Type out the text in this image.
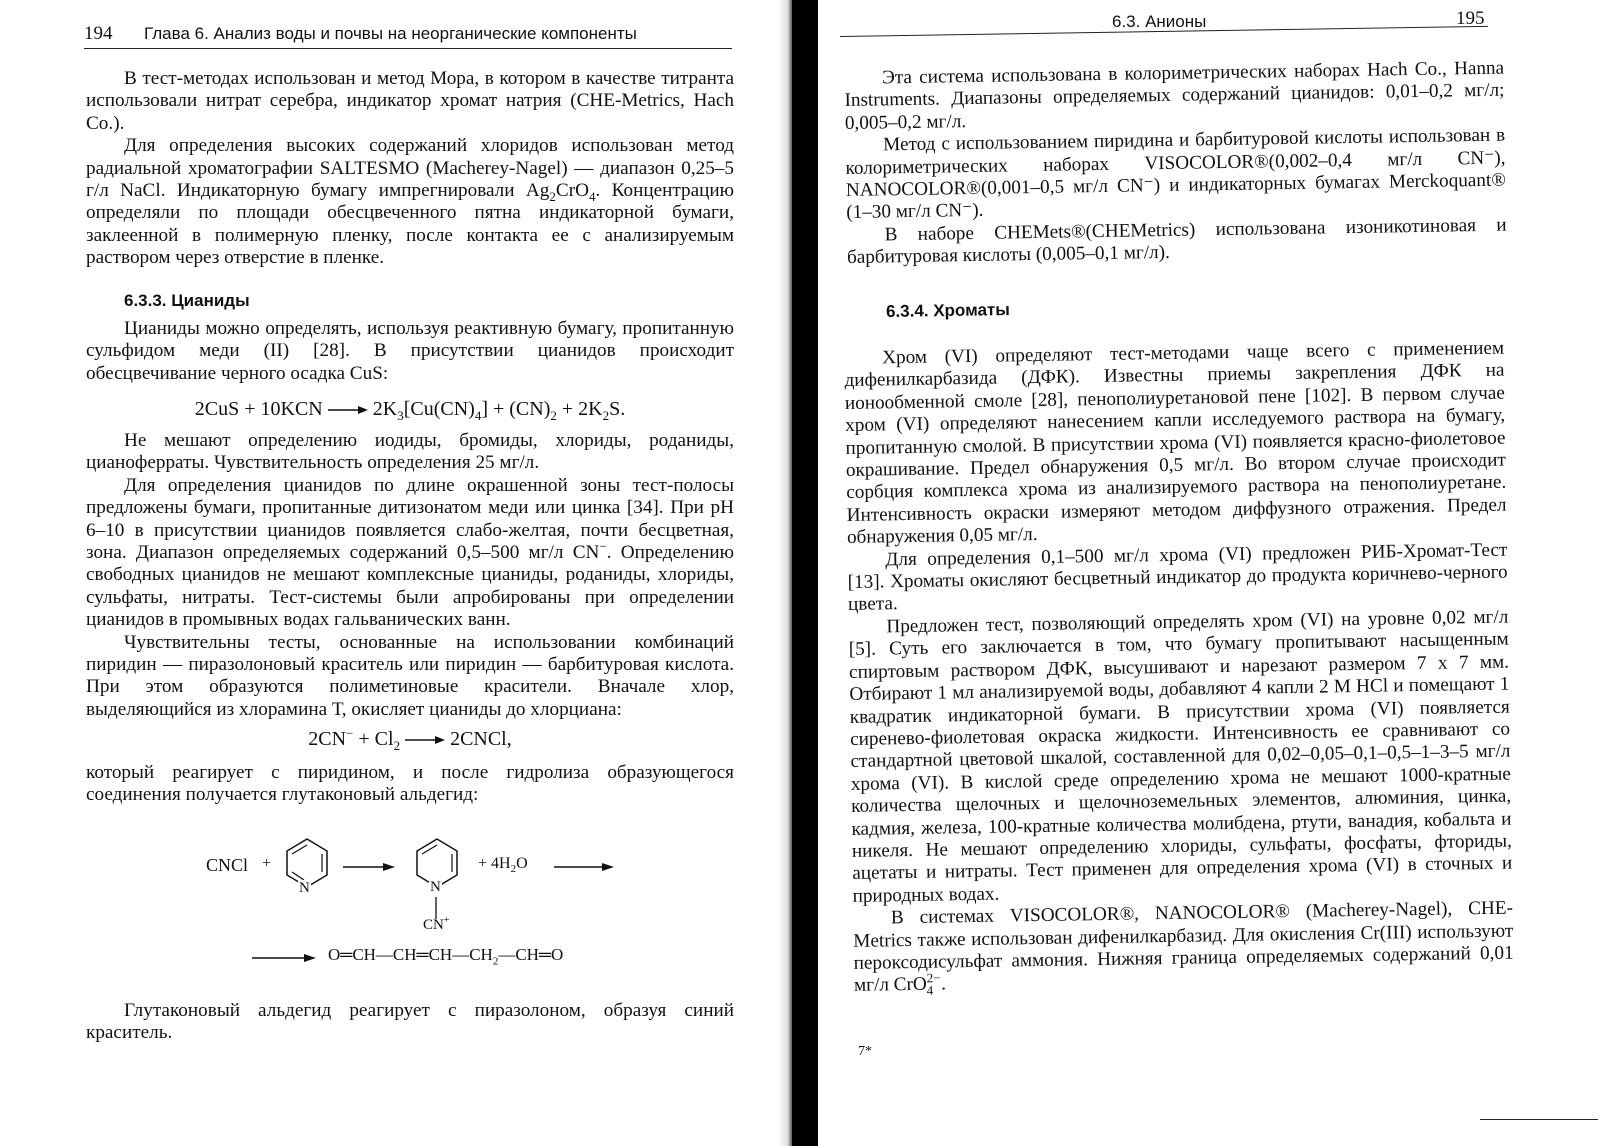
194 Глава 6. Анализ воды и почвы на неорганические компоненты

В тест-методах использован и метод Мора, в котором в качестве титранта использовали нитрат серебра, индикатор хромат натрия (CHE-Metrics, Hach Co.).

Для определения высоких содержаний хлоридов использован метод радиальной хроматографии SALTESMO (Macherey-Nagel) — диапазон 0,25–5 г/л NaCl. Индикаторную бумагу импрегнировали $Ag_2CrO_4$. Концентрацию определяли по площади обесцвеченного пятна индикаторной бумаги, заклеенной в полимерную пленку, после контакта ее с анализируемым раствором через отверстие в пленке.

6.3.3. Цианиды

Цианиды можно определять, используя реактивную бумагу, пропитанную сульфидом меди (II) [28]. В присутствии цианидов происходит обесцвечивание черного осадка CuS:

$2CuS + 10KCN \to 2K_3[Cu(CN)_4] + (CN)_2 + 2K_2S$.

Не мешают определению иодиды, бромиды, хлориды, роданиды, цианоферраты. Чувствительность определения 25 мг/л.

Для определения цианидов по длине окрашенной зоны тест-полосы предложены бумаги, пропитанные дитизонатом меди или цинка [34]. При pH 6–10 в присутствии цианидов появляется слабо-желтая, почти бесцветная, зона. Диапазон определяемых содержаний 0,5–500 мг/л CN−. Определению свободных цианидов не мешают комплексные цианиды, роданиды, хлориды, сульфаты, нитраты. Тест-системы были апробированы при определении цианидов в промывных водах гальванических ванн.

Чувствительны тесты, основанные на использовании комбинаций пиридин — пиразолоновый краситель или пиридин — барбитуровая кислота. При этом образуются полиметиновые красители. Вначале хлор, выделяющийся из хлорамина Т, окисляет цианиды до хлорциана:

$2CN^- + Cl_2$ → 2CNCl,

который реагирует с пиридином, и после гидролиза образующегося соединения получается глутаконовый альдегид:

CNCl +
N	N
CN+
+ $4H_2O$
$O═CH—CH═CH—CH_2—CH═O$

Глутаконовый альдегид реагирует с пиразолоном, образуя синий краситель.

6.3. Анионы	195

Эта система использована в колориметрических наборах Hach Co., Hanna Instruments. Диапазоны определяемых содержаний цианидов: 0,01–0,2 мг/л; 0,005–0,2 мг/л.

Метод с использованием пиридина и барбитуровой кислоты использован в колориметрических наборах VISOCOLOR®(0,002–0,4 мг/л CN⁻), NANOCOLOR®(0,001–0,5 мг/л CN⁻) и индикаторных бумагах Merckoquant® (1–30 мг/л CN⁻).

В наборе CHEMets®(CHEMetrics) использована изоникотиновая и барбитуровая кислоты (0,005–0,1 мг/л).

6.3.4. Хроматы

Хром (VI) определяют тест-методами чаще всего с применением дифенилкарбазида (ДФК). Известны приемы закрепления ДФК на ионообменной смоле [28], пенополиуретановой пене [102]. В первом случае хром (VI) определяют нанесением капли исследуемого раствора на бумагу, пропитанную смолой. В присутствии хрома (VI) появляется красно-фиолетовое окрашивание. Предел обнаружения 0,5 мг/л. Во втором случае происходит сорбция комплекса хрома из анализируемого раствора на пенополиуретане. Интенсивность окраски измеряют методом диффузного отражения. Предел обнаружения 0,05 мг/л.

Для определения 0,1–500 мг/л хрома (VI) предложен РИБ-Хромат-Тест [13]. Хроматы окисляют бесцветный индикатор до продукта коричнево-черного цвета.

Предложен тест, позволяющий определять хром (VI) на уровне 0,02 мг/л [5]. Суть его заключается в том, что бумагу пропитывают насыщенным спиртовым раствором ДФК, высушивают и нарезают размером 7 х 7 мм. Отбирают 1 мл анализируемой воды, добавляют 4 капли 2 М HCl и помещают 1 квадратик индикаторной бумаги. В присутствии хрома (VI) появляется сиренево-фиолетовая окраска жидкости. Интенсивность ее сравнивают со стандартной цветовой шкалой, составленной для 0,02–0,05–0,1–0,5–1–3–5 мг/л хрома (VI). В кислой среде определению хрома не мешают 1000-кратные количества щелочных и щелочноземельных элементов, алюминия, цинка, кадмия, железа, 100-кратные количества молибдена, ртути, ванадия, кобальта и никеля. Не мешают определению хлориды, сульфаты, фосфаты, фториды, ацетаты и нитраты. Тест применен для определения хрома (VI) в сточных и природных водах.

В системах VISOCOLOR®, NANOCOLOR® (Macherey-Nagel), CHE-Metrics также использован дифенилкарбазид. Для окисления Cr(III) используют пероксодисульфат аммония. Нижняя граница определяемых содержаний 0,01 мг/л CrO$^{2-}_4$ .

7*
